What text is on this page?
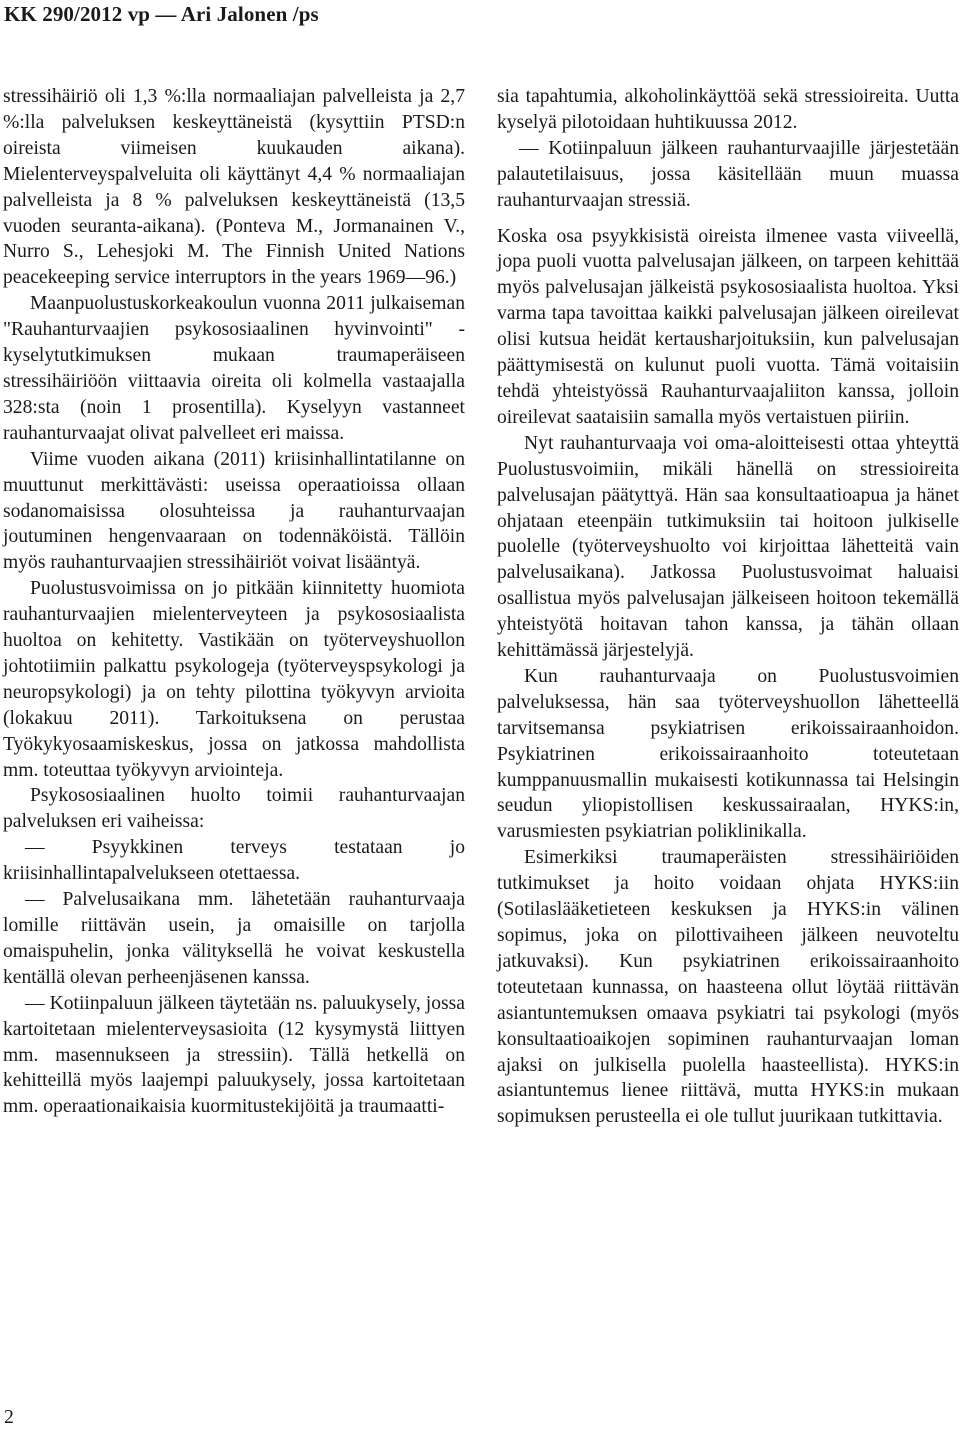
KK 290/2012 vp — Ari Jalonen /ps

stressihäiriö oli 1,3 %:lla normaaliajan palvelleista ja 2,7 %:lla palveluksen keskeyttäneistä (kysyttiin PTSD:n oireista viimeisen kuukauden aikana). Mielenterveyspalveluita oli käyttänyt 4,4 % normaaliajan palvelleista ja 8 % palveluksen keskeyttäneistä (13,5 vuoden seuranta-aikana). (Ponteva M., Jormanainen V., Nurro S., Lehesjoki M. The Finnish United Nations peacekeeping service interruptors in the years 1969—96.)

Maanpuolustuskorkeakoulun vuonna 2011 julkaiseman "Rauhanturvaajien psykososiaalinen hyvinvointi" -kyselytutkimuksen mukaan traumaperäiseen stressihäiriöön viittaavia oireita oli kolmella vastaajalla 328:sta (noin 1 prosentilla). Kyselyyn vastanneet rauhanturvaajat olivat palvelleet eri maissa.

Viime vuoden aikana (2011) kriisinhallintatilanne on muuttunut merkittävästi: useissa operaatioissa ollaan sodanomaisissa olosuhteissa ja rauhanturvaajan joutuminen hengenvaaraan on todennäköistä. Tällöin myös rauhanturvaajien stressihäiriöt voivat lisääntyä.

Puolustusvoimissa on jo pitkään kiinnitetty huomiota rauhanturvaajien mielenterveyteen ja psykososiaalista huoltoa on kehitetty. Vastikään on työterveyshuollon johtotiimiin palkattu psykologeja (työterveyspsykologi ja neuropsykologi) ja on tehty pilottina työkyvyn arvioita (lokakuu 2011). Tarkoituksena on perustaa Työkykyosaamiskeskus, jossa on jatkossa mahdollista mm. toteuttaa työkyvyn arviointeja.

Psykososiaalinen huolto toimii rauhanturvaajan palveluksen eri vaiheissa:

— Psyykkinen terveys testataan jo kriisinhallintapalvelukseen otettaessa.

— Palvelusaikana mm. lähetetään rauhanturvaaja lomille riittävän usein, ja omaisille on tarjolla omaispuhelin, jonka välityksellä he voivat keskustella kentällä olevan perheenjäsenen kanssa.

— Kotiinpaluun jälkeen täytetään ns. paluukysely, jossa kartoitetaan mielenterveysasioita (12 kysymystä liittyen mm. masennukseen ja stressiin). Tällä hetkellä on kehitteillä myös laajempi paluukysely, jossa kartoitetaan mm. operaationaikaisia kuormitustekijöitä ja traumaatti-

sia tapahtumia, alkoholinkäyttöä sekä stressioireita. Uutta kyselyä pilotoidaan huhtikuussa 2012.

— Kotiinpaluun jälkeen rauhanturvaajille järjestetään palautetilaisuus, jossa käsitellään muun muassa rauhanturvaajan stressiä.

Koska osa psyykkisistä oireista ilmenee vasta viiveellä, jopa puoli vuotta palvelusajan jälkeen, on tarpeen kehittää myös palvelusajan jälkeistä psykososiaalista huoltoa. Yksi varma tapa tavoittaa kaikki palvelusajan jälkeen oireilevat olisi kutsua heidät kertausharjoituksiin, kun palvelusajan päättymisestä on kulunut puoli vuotta. Tämä voitaisiin tehdä yhteistyössä Rauhanturvaajaliiton kanssa, jolloin oireilevat saataisiin samalla myös vertaistuen piiriin.

Nyt rauhanturvaaja voi oma-aloitteisesti ottaa yhteyttä Puolustusvoimiin, mikäli hänellä on stressioireita palvelusajan päätyttyä. Hän saa konsultaatioapua ja hänet ohjataan eteenpäin tutkimuksiin tai hoitoon julkiselle puolelle (työterveyshuolto voi kirjoittaa lähetteitä vain palvelusaikana). Jatkossa Puolustusvoimat haluaisi osallistua myös palvelusajan jälkeiseen hoitoon tekemällä yhteistyötä hoitavan tahon kanssa, ja tähän ollaan kehittämässä järjestelyjä.

Kun rauhanturvaaja on Puolustusvoimien palveluksessa, hän saa työterveyshuollon lähetteellä tarvitsemansa psykiatrisen erikoissairaanhoidon. Psykiatrinen erikoissairaanhoito toteutetaan kumppanuusmallin mukaisesti kotikunnassa tai Helsingin seudun yliopistollisen keskussairaalan, HYKS:in, varusmiesten psykiatrian poliklinikalla.

Esimerkiksi traumaperäisten stressihäiriöiden tutkimukset ja hoito voidaan ohjata HYKS:iin (Sotilaslääketieteen keskuksen ja HYKS:in välinen sopimus, joka on pilottivaiheen jälkeen neuvoteltu jatkuvaksi). Kun psykiatrinen erikoissairaanhoito toteutetaan kunnassa, on haasteena ollut löytää riittävän asiantuntemuksen omaava psykiatri tai psykologi (myös konsultaatioaikojen sopiminen rauhanturvaajan loman ajaksi on julkisella puolella haasteellista). HYKS:in asiantuntemus lienee riittävä, mutta HYKS:in mukaan sopimuksen perusteella ei ole tullut juurikaan tutkittavia.

2
